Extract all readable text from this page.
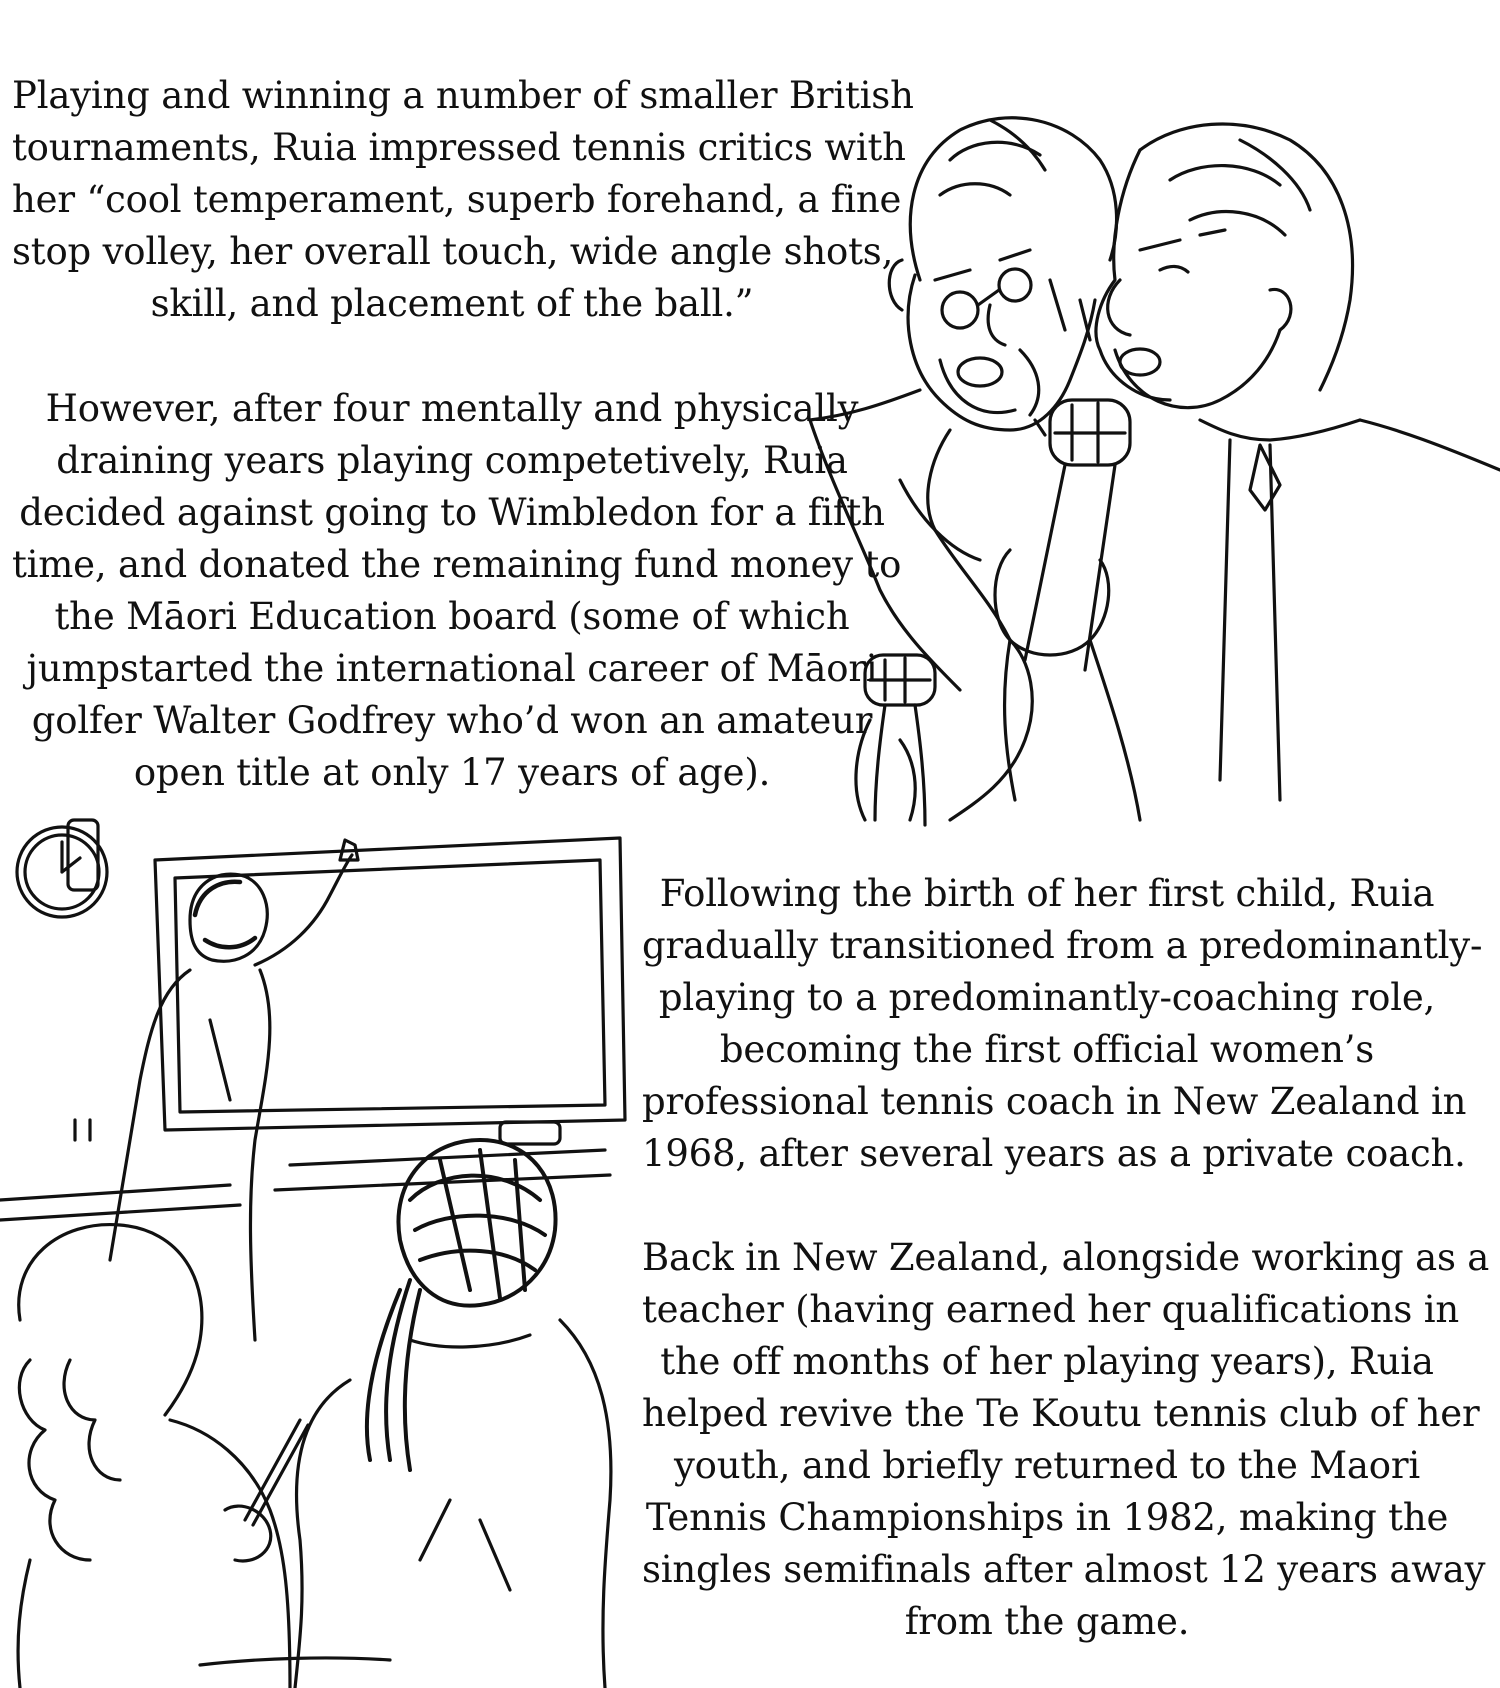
Playing and winning a number of smaller British
tournaments, Ruia impressed tennis critics with
her “cool temperament, superb forehand, a fine
stop volley, her overall touch, wide angle shots,
skill, and placement of the ball.”

However, after four mentally and physically
draining years playing competetively, Ruia
decided against going to Wimbledon for a fifth
time, and donated the remaining fund money to
the Māori Education board (some of which
jumpstarted the international career of Māori
golfer Walter Godfrey who’d won an amateur
open title at only 17 years of age).

Following the birth of her first child, Ruia
gradually transitioned from a predominantly-
playing to a predominantly-coaching role,
becoming the first official women’s
professional tennis coach in New Zealand in
1968, after several years as a private coach.

Back in New Zealand, alongside working as a
teacher (having earned her qualifications in
the off months of her playing years), Ruia
helped revive the Te Koutu tennis club of her
youth, and briefly returned to the Maori
Tennis Championships in 1982, making the
singles semifinals after almost 12 years away
from the game.
